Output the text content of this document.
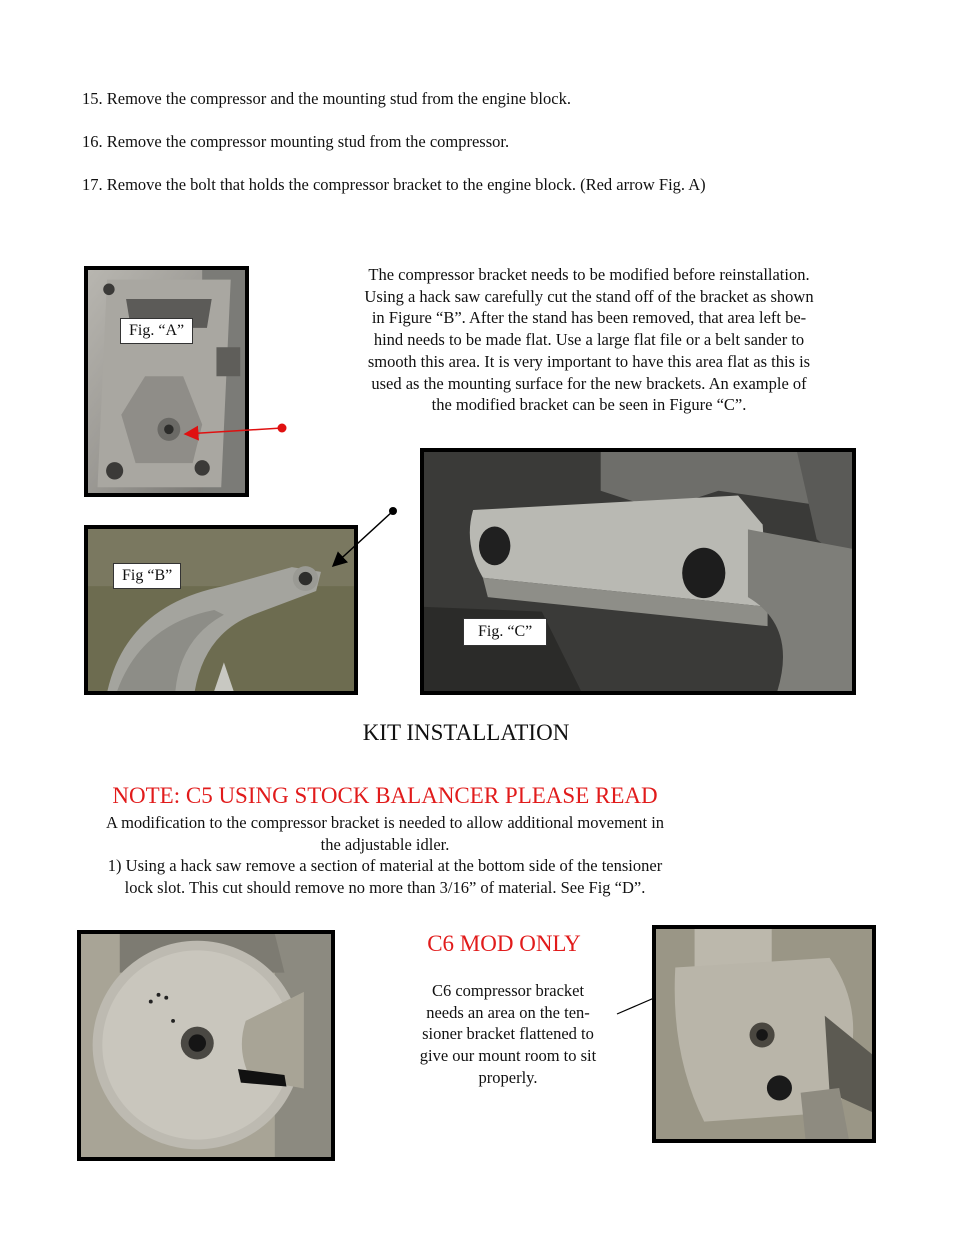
15. Remove the compressor and the mounting stud from the engine block.
16. Remove the compressor mounting stud from the compressor.
17. Remove the bolt that holds the compressor bracket to the engine block. (Red arrow Fig. A)
Fig. “A”
Fig “B”
Fig. “C”
The compressor bracket needs to be modified before reinstallation.
Using a hack saw carefully cut the stand off of the bracket as shown
in Figure “B”. After the stand has been removed, that area left be-
hind needs to be made flat. Use a large flat file or a belt sander to
smooth this area. It is very important to have this area flat as this is
used as the mounting surface for the new brackets. An example of
the modified bracket can be seen in Figure “C”.
KIT INSTALLATION
NOTE: C5 USING STOCK BALANCER PLEASE READ
A modification to the compressor bracket is needed to allow additional movement in
the adjustable idler.
1) Using a hack saw remove a section of material at the bottom side of the tensioner
lock slot. This cut should remove no more than 3/16” of material. See Fig “D”.
C6 MOD ONLY
C6 compressor bracket
needs an area on the ten-
sioner bracket flattened to
give our mount room to sit
properly.
